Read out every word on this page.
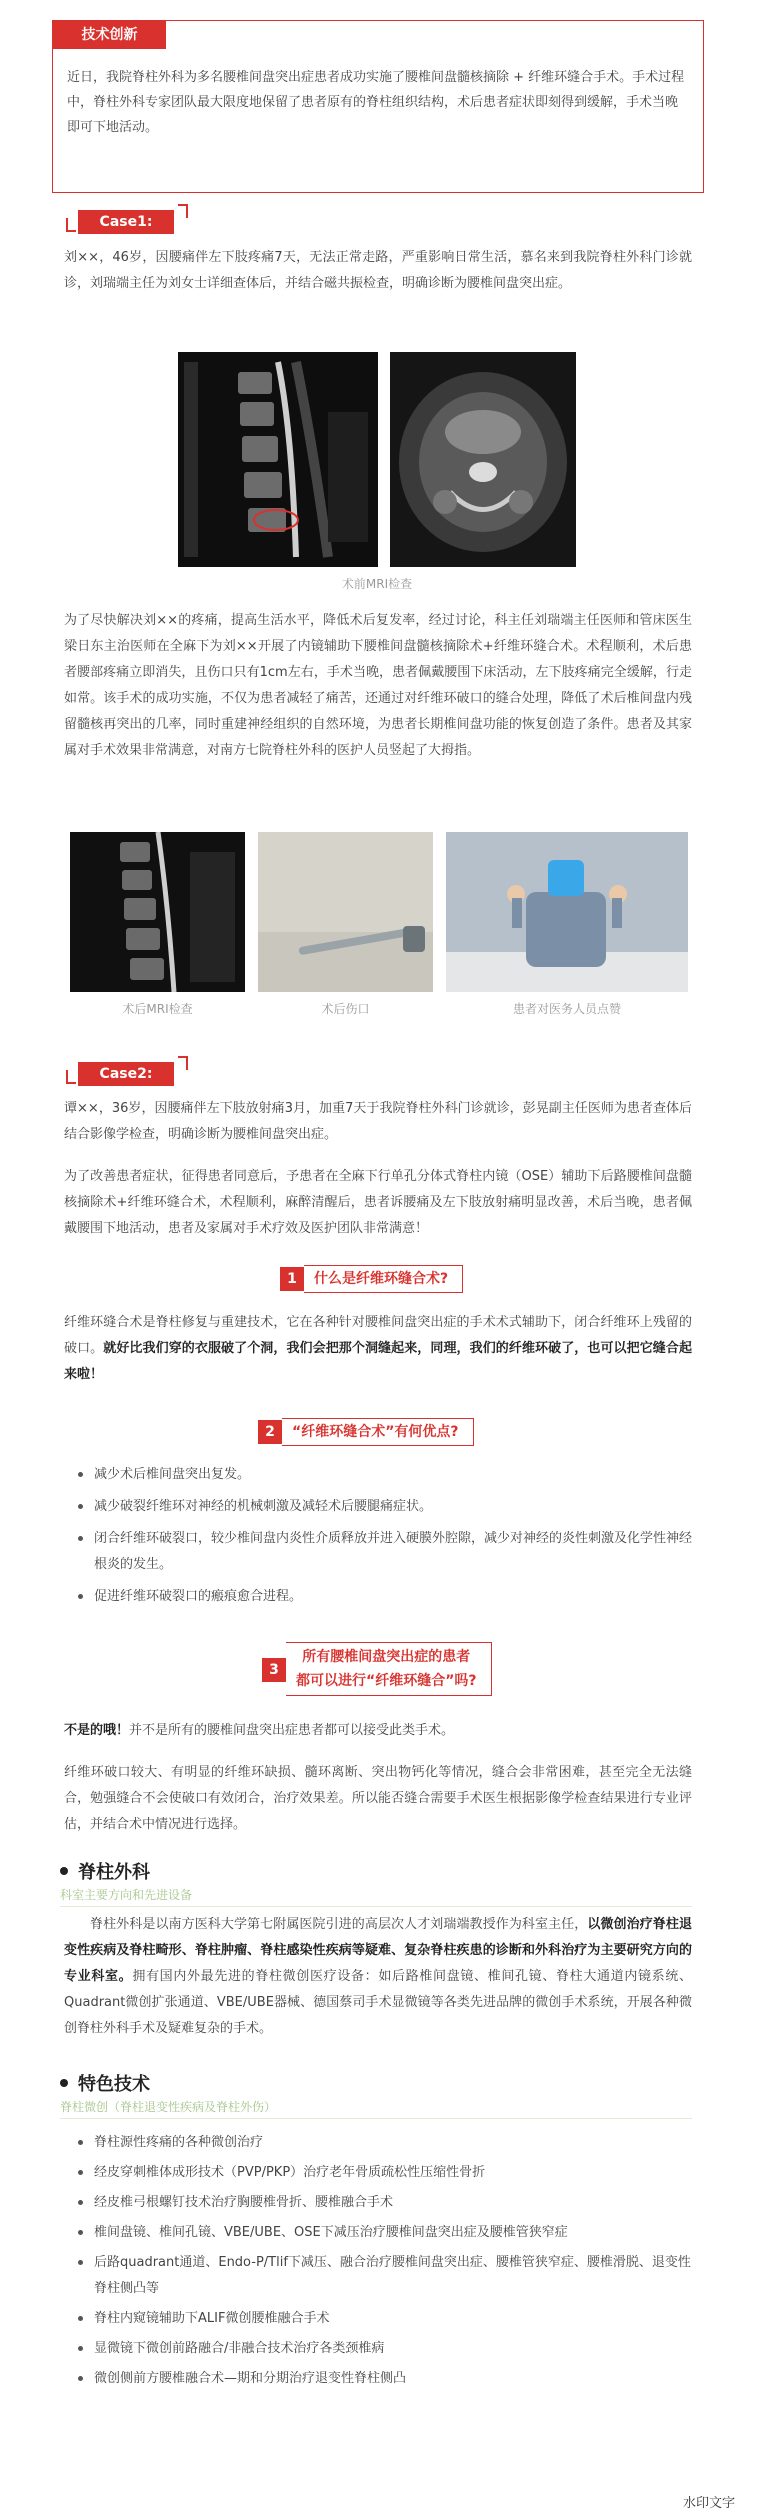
技术创新
近日，我院脊柱外科为多名腰椎间盘突出症患者成功实施了腰椎间盘髓核摘除 + 纤维环缝合手术。手术过程中，脊柱外科专家团队最大限度地保留了患者原有的脊柱组织结构，术后患者症状即刻得到缓解，手术当晚即可下地活动。
Case1:
刘××，46岁，因腰痛伴左下肢疼痛7天，无法正常走路，严重影响日常生活，慕名来到我院脊柱外科门诊就诊，刘瑞端主任为刘女士详细查体后，并结合磁共振检查，明确诊断为腰椎间盘突出症。
术前MRI检查
为了尽快解决刘××的疼痛，提高生活水平，降低术后复发率，经过讨论，科主任刘瑞端主任医师和管床医生梁日东主治医师在全麻下为刘××开展了内镜辅助下腰椎间盘髓核摘除术+纤维环缝合术。术程顺利，术后患者腰部疼痛立即消失，且伤口只有1cm左右，手术当晚，患者佩戴腰围下床活动，左下肢疼痛完全缓解，行走如常。该手术的成功实施，不仅为患者减轻了痛苦，还通过对纤维环破口的缝合处理，降低了术后椎间盘内残留髓核再突出的几率，同时重建神经组织的自然环境，为患者长期椎间盘功能的恢复创造了条件。患者及其家属对手术效果非常满意，对南方七院脊柱外科的医护人员竖起了大拇指。
术后MRI检查	术后伤口	患者对医务人员点赞
Case2:
谭××，36岁，因腰痛伴左下肢放射痛3月，加重7天于我院脊柱外科门诊就诊，彭晃副主任医师为患者查体后结合影像学检查，明确诊断为腰椎间盘突出症。
为了改善患者症状，征得患者同意后，予患者在全麻下行单孔分体式脊柱内镜（OSE）辅助下后路腰椎间盘髓核摘除术+纤维环缝合术，术程顺利，麻醉清醒后，患者诉腰痛及左下肢放射痛明显改善，术后当晚，患者佩戴腰围下地活动，患者及家属对手术疗效及医护团队非常满意！
1	什么是纤维环缝合术?
纤维环缝合术是脊柱修复与重建技术，它在各种针对腰椎间盘突出症的手术术式辅助下，闭合纤维环上残留的破口。就好比我们穿的衣服破了个洞，我们会把那个洞缝起来，同理，我们的纤维环破了，也可以把它缝合起来啦！
2	“纤维环缝合术”有何优点?
减少术后椎间盘突出复发。
减少破裂纤维环对神经的机械刺激及减轻术后腰腿痛症状。
闭合纤维环破裂口，较少椎间盘内炎性介质释放并进入硬膜外腔隙，减少对神经的炎性刺激及化学性神经根炎的发生。
促进纤维环破裂口的瘢痕愈合进程。
3
所有腰椎间盘突出症的患者
都可以进行“纤维环缝合”吗?
不是的哦！并不是所有的腰椎间盘突出症患者都可以接受此类手术。
纤维环破口较大、有明显的纤维环缺损、髓环离断、突出物钙化等情况，缝合会非常困难，甚至完全无法缝合，勉强缝合不会使破口有效闭合，治疗效果差。所以能否缝合需要手术医生根据影像学检查结果进行专业评估，并结合术中情况进行选择。
脊柱外科
科室主要方向和先进设备
脊柱外科是以南方医科大学第七附属医院引进的高层次人才刘瑞端教授作为科室主任，以微创治疗脊柱退变性疾病及脊柱畸形、脊柱肿瘤、脊柱感染性疾病等疑难、复杂脊柱疾患的诊断和外科治疗为主要研究方向的专业科室。拥有国内外最先进的脊柱微创医疗设备：如后路椎间盘镜、椎间孔镜、脊柱大通道内镜系统、Quadrant微创扩张通道、VBE/UBE器械、德国蔡司手术显微镜等各类先进品牌的微创手术系统，开展各种微创脊柱外科手术及疑难复杂的手术。
特色技术
脊柱微创（脊柱退变性疾病及脊柱外伤）
脊柱源性疼痛的各种微创治疗
经皮穿刺椎体成形技术（PVP/PKP）治疗老年骨质疏松性压缩性骨折
经皮椎弓根螺钉技术治疗胸腰椎骨折、腰椎融合手术
椎间盘镜、椎间孔镜、VBE/UBE、OSE下减压治疗腰椎间盘突出症及腰椎管狭窄症
后路quadrant通道、Endo-P/Tlif下减压、融合治疗腰椎间盘突出症、腰椎管狭窄症、腰椎滑脱、退变性脊柱侧凸等
脊柱内窥镜辅助下ALIF微创腰椎融合手术
显微镜下微创前路融合/非融合技术治疗各类颈椎病
微创侧前方腰椎融合术—期和分期治疗退变性脊柱侧凸
水印文字
